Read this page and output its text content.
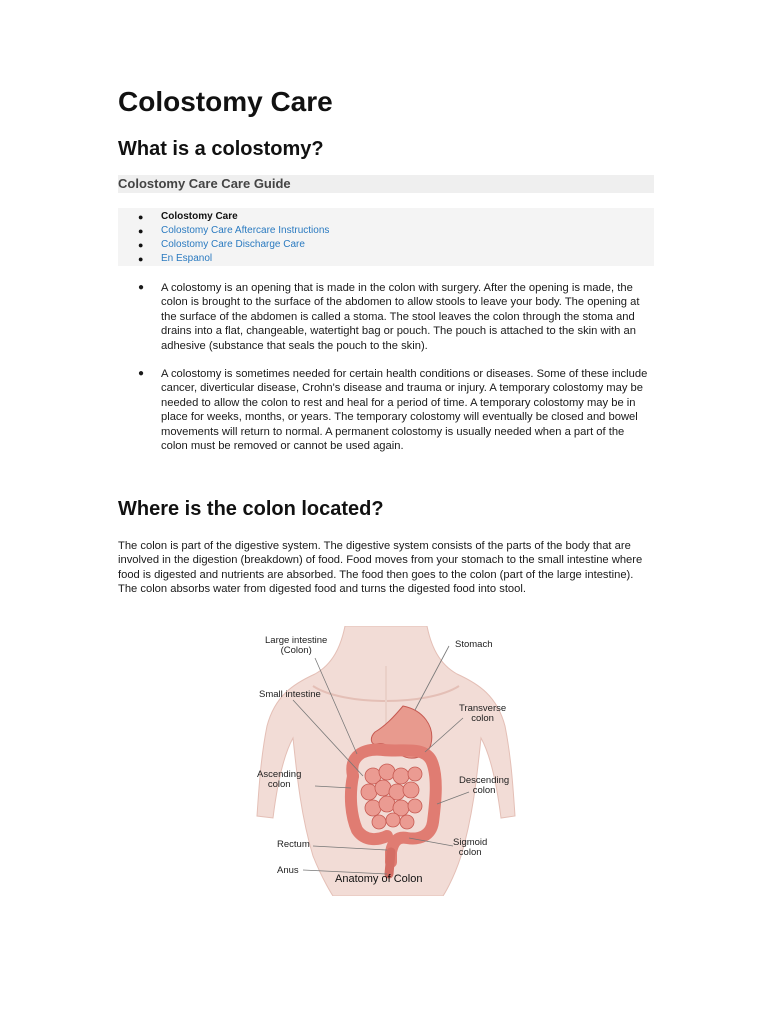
Colostomy Care
What is a colostomy?
Colostomy Care Care Guide
● Colostomy Care
● Colostomy Care Aftercare Instructions
● Colostomy Care Discharge Care
● En Espanol
● A colostomy is an opening that is made in the colon with surgery. After the opening is made, the colon is brought to the surface of the abdomen to allow stools to leave your body. The opening at the surface of the abdomen is called a stoma. The stool leaves the colon through the stoma and drains into a flat, changeable, watertight bag or pouch. The pouch is attached to the skin with an adhesive (substance that seals the pouch to the skin).
● A colostomy is sometimes needed for certain health conditions or diseases. Some of these include cancer, diverticular disease, Crohn's disease and trauma or injury. A temporary colostomy may be needed to allow the colon to rest and heal for a period of time. A temporary colostomy may be in place for weeks, months, or years. The temporary colostomy will eventually be closed and bowel movements will return to normal. A permanent colostomy is usually needed when a part of the colon must be removed or cannot be used again.
Where is the colon located?

The colon is part of the digestive system. The digestive system consists of the parts of the body that are involved in the digestion (breakdown) of food. Food moves from your stomach to the small intestine where food is digested and nutrients are absorbed. The food then goes to the colon (part of the large intestine). The colon absorbs water from digested food and turns the digested food into stool.

Large intestine
(Colon)
Stomach
Small intestine
Transverse
colon
Ascending
colon	Descending
colon
Rectum	Sigmoid
colon
Anus
Anatomy of Colon
